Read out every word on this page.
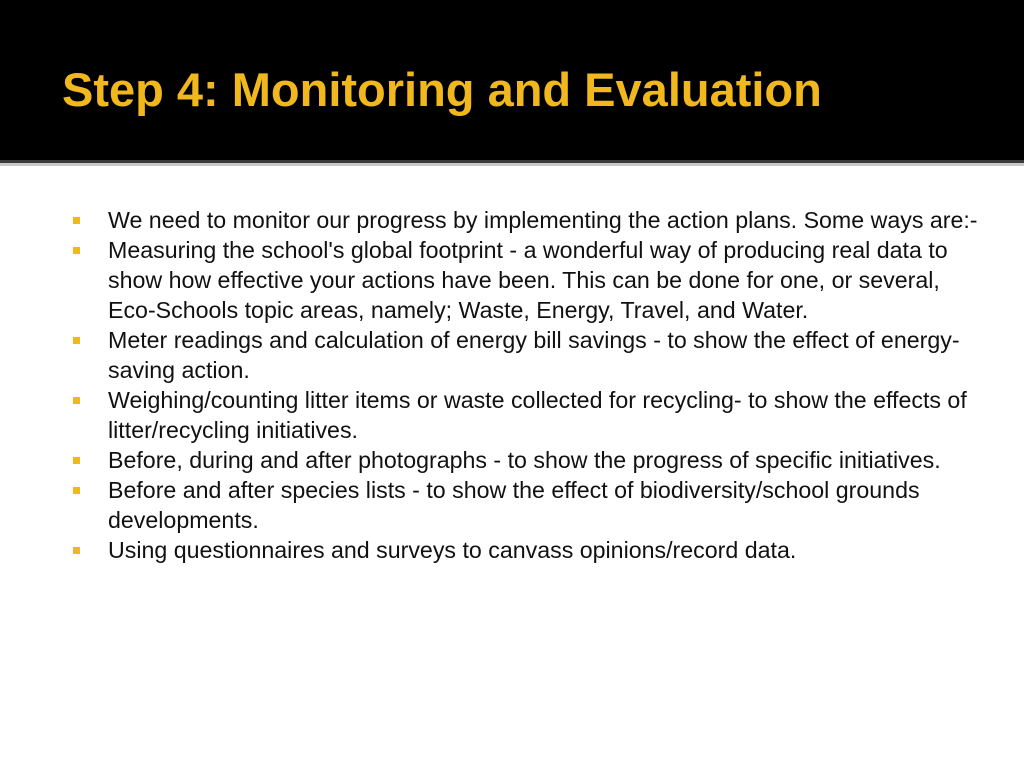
Step 4: Monitoring and Evaluation
We need to monitor our progress by implementing the action plans. Some ways are:-
Measuring the school's global footprint - a wonderful way of producing real data to show how effective your actions have been. This can be done for one, or several, Eco-Schools topic areas, namely; Waste, Energy, Travel, and Water.
Meter readings and calculation of energy bill savings - to show the effect of energy-saving action.
Weighing/counting litter items or waste collected for recycling- to show the effects of litter/recycling initiatives.
Before, during and after photographs - to show the progress of specific initiatives.
Before and after species lists - to show the effect of biodiversity/school grounds developments.
Using questionnaires and surveys to canvass opinions/record data.
